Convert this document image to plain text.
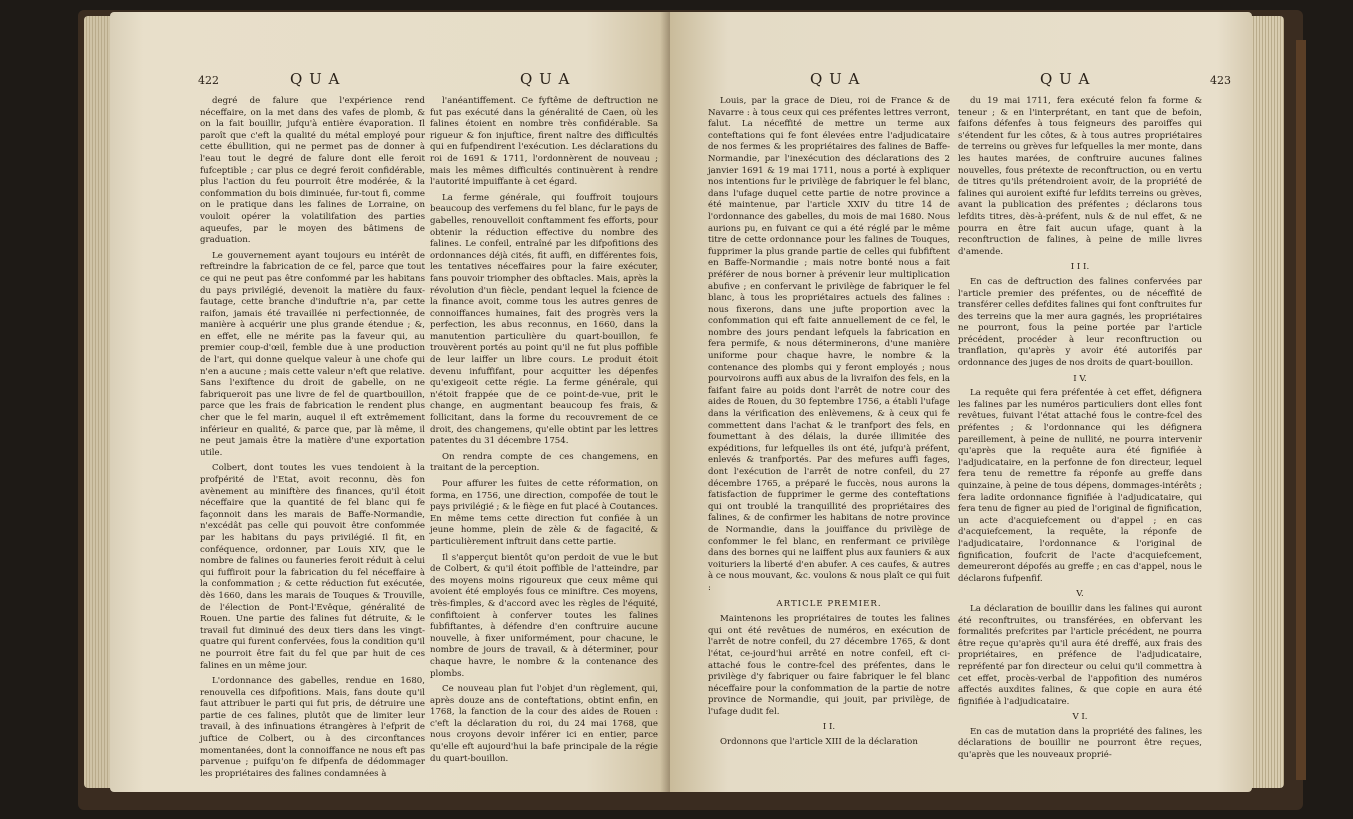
422	Q U A	Q U A

degré de falure que l'expérience rend néceffaire, on la met dans des vafes de plomb, & on la fait bouillir, jufqu'à entière évaporation. Il paroît que c'eft la qualité du métal employé pour cette ébullition, qui ne permet pas de donner à l'eau tout le degré de falure dont elle feroit fufceptible ; car plus ce degré feroit confidérable, plus l'action du feu pourroit être modérée, & la confommation du bois diminuée, fur-tout fi, comme on le pratique dans les falines de Lorraine, on vouloit opérer la volatilifation des parties aqueufes, par le moyen des bâtimens de graduation.

Le gouvernement ayant toujours eu intérêt de reftreindre la fabrication de ce fel, parce que tout ce qui ne peut pas être confommé par les habitans du pays privilégié, devenoit la matière du faux-fautage, cette branche d'induftrie n'a, par cette raifon, jamais été travaillée ni perfectionnée, de manière à acquérir une plus grande étendue ; &, en effet, elle ne mérite pas la faveur qui, au premier coup-d'œil, femble due à une production de l'art, qui donne quelque valeur à une chofe qui n'en a aucune ; mais cette valeur n'eft que relative. Sans l'exiftence du droit de gabelle, on ne fabriqueroit pas une livre de fel de quartbouillon, parce que les frais de fabrication le rendent plus cher que le fel marin, auquel il eft extrêmement inférieur en qualité, & parce que, par là même, il ne peut jamais être la matière d'une exportation utile.

Colbert, dont toutes les vues tendoient à la profpérité de l'Etat, avoit reconnu, dès fon avènement au miniftère des finances, qu'il étoit néceffaire que la quantité de fel blanc qui fe façonnoit dans les marais de Baffe-Normandie, n'excédât pas celle qui pouvoit être confommée par les habitans du pays privilégié. Il fit, en conféquence, ordonner, par Louis XIV, que le nombre de falines ou fauneries feroit réduit à celui qui fuffiroit pour la fabrication du fel néceffaire à la confommation ; & cette réduction fut exécutée, dès 1660, dans les marais de Touques & Trouville, de l'élection de Pont-l'Evêque, généralité de Rouen. Une partie des falines fut détruite, & le travail fut diminué des deux tiers dans les vingt-quatre qui furent confervées, fous la condition qu'il ne pourroit être fait du fel que par huit de ces falines en un même jour.

L'ordonnance des gabelles, rendue en 1680, renouvella ces difpofitions. Mais, fans doute qu'il faut attribuer le parti qui fut pris, de détruire une partie de ces falines, plutôt que de limiter leur travail, à des infinuations étrangères à l'efprit de juftice de Colbert, ou à des circonftances momentanées, dont la connoiffance ne nous eft pas parvenue ; puifqu'on fe difpenfa de dédommager les propriétaires des falines condamnées à

l'anéantiffement. Ce fyftême de deftruction ne fut pas exécuté dans la généralité de Caen, où les falines étoient en nombre très confidérable. Sa rigueur & fon injuftice, firent naître des difficultés qui en fufpendirent l'exécution. Les déclarations du roi de 1691 & 1711, l'ordonnèrent de nouveau ; mais les mêmes difficultés continuèrent à rendre l'autorité impuiffante à cet égard.

La ferme générale, qui fouffroit toujours beaucoup des verfemens du fel blanc, fur le pays de gabelles, renouvelloit conftamment fes efforts, pour obtenir la réduction effective du nombre des falines. Le confeil, entraîné par les difpofitions des ordonnances déjà cités, fit auffi, en différentes fois, les tentatives néceffaires pour la faire exécuter, fans pouvoir triompher des obftacles. Mais, après la révolution d'un fiècle, pendant lequel la fcience de la finance avoit, comme tous les autres genres de connoiffances humaines, fait des progrès vers la perfection, les abus reconnus, en 1660, dans la manutention particulière du quart-bouillon, fe trouvèrent portés au point qu'il ne fut plus poffible de leur laiffer un libre cours. Le produit étoit devenu infuffifant, pour acquitter les dépenfes qu'exigeoit cette régie. La ferme générale, qui n'étoit frappée que de ce point-de-vue, prit le change, en augmentant beaucoup fes frais, & follicitant, dans la forme du recouvrement de ce droit, des changemens, qu'elle obtint par les lettres patentes du 31 décembre 1754.

On rendra compte de ces changemens, en traitant de la perception.

Pour affurer les fuites de cette réformation, on forma, en 1756, une direction, compofée de tout le pays privilégié ; & le fiège en fut placé à Coutances. En même tems cette direction fut confiée à un jeune homme, plein de zèle & de fagacité, & particulièrement inftruit dans cette partie.

Il s'apperçut bientôt qu'on perdoit de vue le but de Colbert, & qu'il étoit poffible de l'atteindre, par des moyens moins rigoureux que ceux même qui avoient été employés fous ce miniftre. Ces moyens, très-fimples, & d'accord avec les règles de l'équité, confiftoient à conferver toutes les falines fubfiftantes, à défendre d'en conftruire aucune nouvelle, à fixer uniformément, pour chacune, le nombre de jours de travail, & à déterminer, pour chaque havre, le nombre & la contenance des plombs.

Ce nouveau plan fut l'objet d'un règlement, qui, après douze ans de conteftations, obtint enfin, en 1768, la fanction de la cour des aides de Rouen : c'eft la déclaration du roi, du 24 mai 1768, que nous croyons devoir inférer ici en entier, parce qu'elle eft aujourd'hui la bafe principale de la régie du quart-bouillon.

Q U A	Q U A	423

Louis, par la grace de Dieu, roi de France & de Navarre : à tous ceux qui ces préfentes lettres verront, falut. La néceffité de mettre un terme aux conteftations qui fe font élevées entre l'adjudicataire de nos fermes & les propriétaires des falines de Baffe-Normandie, par l'inexécution des déclarations des 2 janvier 1691 & 19 mai 1711, nous a porté à expliquer nos intentions fur le privilège de fabriquer le fel blanc, dans l'ufage duquel cette partie de notre province a été maintenue, par l'article XXIV du titre 14 de l'ordonnance des gabelles, du mois de mai 1680. Nous aurions pu, en fuivant ce qui a été réglé par le même titre de cette ordonnance pour les falines de Touques, fupprimer la plus grande partie de celles qui fubfiftent en Baffe-Normandie ; mais notre bonté nous a fait préférer de nous borner à prévenir leur multiplication abufive ; en confervant le privilège de fabriquer le fel blanc, à tous les propriétaires actuels des falines : nous fixerons, dans une jufte proportion avec la confommation qui eft faite annuellement de ce fel, le nombre des jours pendant lefquels la fabrication en fera permife, & nous déterminerons, d'une manière uniforme pour chaque havre, le nombre & la contenance des plombs qui y feront employés ; nous pourvoirons auffi aux abus de la livraifon des fels, en la faifant faire au poids dont l'arrêt de notre cour des aides de Rouen, du 30 feptembre 1756, a établi l'ufage dans la vérification des enlèvemens, & à ceux qui fe commettent dans l'achat & le tranfport des fels, en foumettant à des délais, la durée illimitée des expéditions, fur lefquelles ils ont été, jufqu'à préfent, enlevés & tranfportés. Par des mefures auffi fages, dont l'exécution de l'arrêt de notre confeil, du 27 décembre 1765, a préparé le fuccès, nous aurons la fatisfaction de fupprimer le germe des conteftations qui ont troublé la tranquillité des propriétaires des falines, & de confirmer les habitans de notre province de Normandie, dans la jouiffance du privilège de confommer le fel blanc, en renfermant ce privilège dans des bornes qui ne laiffent plus aux fauniers & aux voituriers la liberté d'en abufer. A ces caufes, & autres à ce nous mouvant, &c. voulons & nous plaît ce qui fuit :

ARTICLE PREMIER.

Maintenons les propriétaires de toutes les falines qui ont été revêtues de numéros, en exécution de l'arrêt de notre confeil, du 27 décembre 1765, & dont l'état, ce-jourd'hui arrêté en notre confeil, eft ci-attaché fous le contre-fcel des préfentes, dans le privilège d'y fabriquer ou faire fabriquer le fel blanc néceffaire pour la confommation de la partie de notre province de Normandie, qui jouit, par privilège, de l'ufage dudit fel.

I I.

Ordonnons que l'article XIII de la déclaration

du 19 mai 1711, fera exécuté felon fa forme & teneur ; & en l'interprétant, en tant que de befoin, faifons défenfes à tous feigneurs des paroiffes qui s'étendent fur les côtes, & à tous autres propriétaires de terreins ou grèves fur lefquelles la mer monte, dans les hautes marées, de conftruire aucunes falines nouvelles, fous prétexte de reconftruction, ou en vertu de titres qu'ils prétendroient avoir, de la propriété de falines qui auroient exifté fur lefdits terreins ou grèves, avant la publication des préfentes ; déclarons tous lefdits titres, dès-à-préfent, nuls & de nul effet, & ne pourra en être fait aucun ufage, quant à la reconftruction de falines, à peine de mille livres d'amende.

I I I.

En cas de deftruction des falines confervées par l'article premier des préfentes, ou de néceffité de transférer celles defdites falines qui font conftruites fur des terreins que la mer aura gagnés, les propriétaires ne pourront, fous la peine portée par l'article précédent, procéder à leur reconftruction ou tranflation, qu'après y avoir été autorifés par ordonnance des juges de nos droits de quart-bouillon.

I V.

La requête qui fera préfentée à cet effet, défignera les falines par les numéros particuliers dont elles font revêtues, fuivant l'état attaché fous le contre-fcel des préfentes ; & l'ordonnance qui les défignera pareillement, à peine de nullité, ne pourra intervenir qu'après que la requête aura été fignifiée à l'adjudicataire, en la perfonne de fon directeur, lequel fera tenu de remettre fa réponfe au greffe dans quinzaine, à peine de tous dépens, dommages-intérêts ; fera ladite ordonnance fignifiée à l'adjudicataire, qui fera tenu de figner au pied de l'original de fignification, un acte d'acquiefcement ou d'appel ; en cas d'acquiefcement, la requête, la réponfe de l'adjudicataire, l'ordonnance & l'original de fignification, foufcrit de l'acte d'acquiefcement, demeureront dépofés au greffe ; en cas d'appel, nous le déclarons fufpenfif.

V.

La déclaration de bouillir dans les falines qui auront été reconftruites, ou transférées, en obfervant les formalités prefcrites par l'article précédent, ne pourra être reçue qu'après qu'il aura été dreffé, aux frais des propriétaires, en préfence de l'adjudicataire, repréfenté par fon directeur ou celui qu'il commettra à cet effet, procès-verbal de l'appofition des numéros affectés auxdites falines, & que copie en aura été fignifiée à l'adjudicataire.

V I.

En cas de mutation dans la propriété des falines, les déclarations de bouillir ne pourront être reçues, qu'après que les nouveaux proprié-
